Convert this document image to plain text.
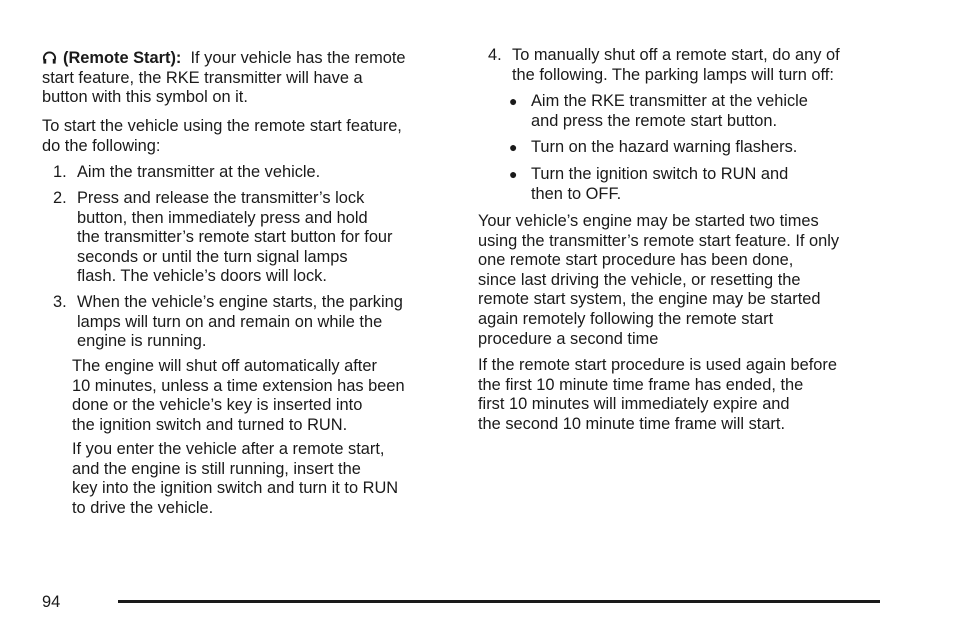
(Remote Start): If your vehicle has the remote
start feature, the RKE transmitter will have a
button with this symbol on it.
To start the vehicle using the remote start feature,
do the following:
1. Aim the transmitter at the vehicle.
2. Press and release the transmitter’s lock
button, then immediately press and hold
the transmitter’s remote start button for four
seconds or until the turn signal lamps
flash. The vehicle’s doors will lock.
3. When the vehicle’s engine starts, the parking
lamps will turn on and remain on while the
engine is running.
The engine will shut off automatically after
10 minutes, unless a time extension has been
done or the vehicle’s key is inserted into
the ignition switch and turned to RUN.
If you enter the vehicle after a remote start,
and the engine is still running, insert the
key into the ignition switch and turn it to RUN
to drive the vehicle.
4. To manually shut off a remote start, do any of
the following. The parking lamps will turn off:
● Aim the RKE transmitter at the vehicle
and press the remote start button.
● Turn on the hazard warning flashers.
● Turn the ignition switch to RUN and
then to OFF.
Your vehicle’s engine may be started two times
using the transmitter’s remote start feature. If only
one remote start procedure has been done,
since last driving the vehicle, or resetting the
remote start system, the engine may be started
again remotely following the remote start
procedure a second time
If the remote start procedure is used again before
the first 10 minute time frame has ended, the
first 10 minutes will immediately expire and
the second 10 minute time frame will start.
94
